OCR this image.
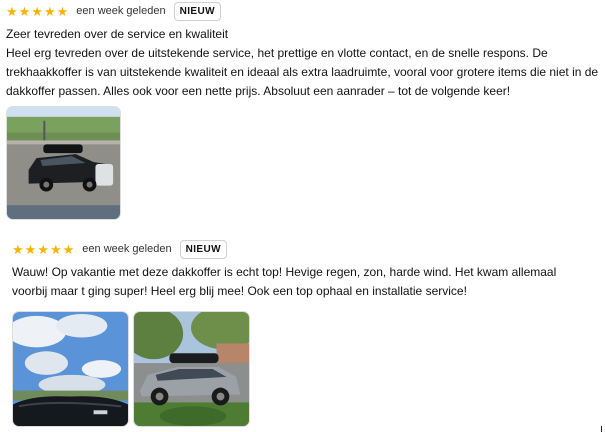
★ ★ ★ ★ ★ een week geleden	NIEUW
Zeer tevreden over de service en kwaliteit

Heel erg tevreden over de uitstekende service, het prettige en vlotte contact, en de snelle respons. De trekhaakkoffer is van uitstekende kwaliteit en ideaal als extra laadruimte, vooral voor grotere items die niet in de dakkoffer passen. Alles ook voor een nette prijs. Absoluut een aanrader – tot de volgende keer!

★ ★ ★ ★ ★ een week geleden	NIEUW

Wauw! Op vakantie met deze dakkoffer is echt top! Hevige regen, zon, harde wind. Het kwam allemaal voorbij maar t ging super! Heel erg blij mee! Ook een top ophaal en installatie service!
